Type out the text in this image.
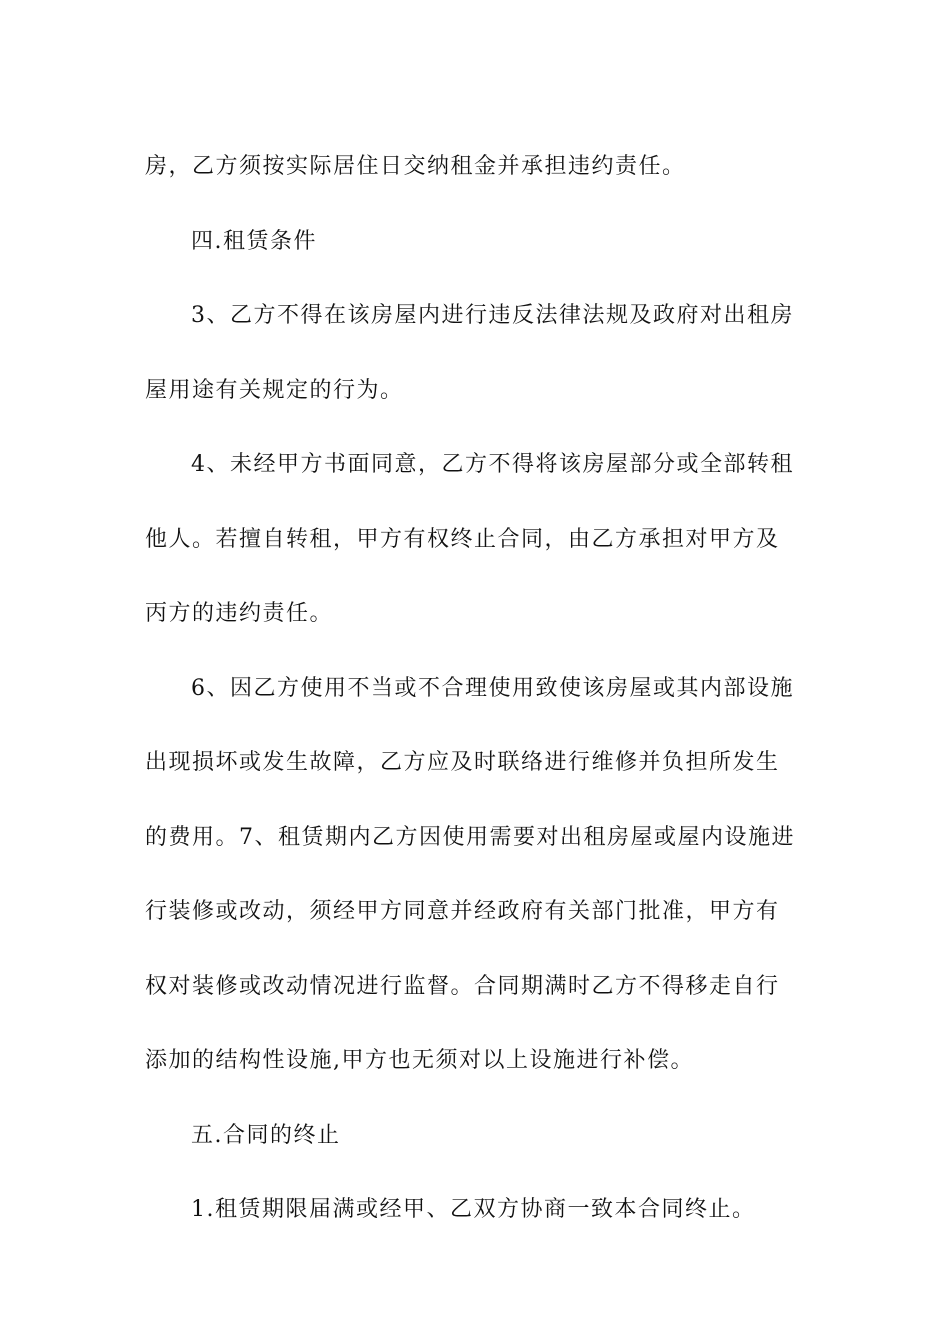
房，乙方须按实际居住日交纳租金并承担违约责任。

四.租赁条件

3、乙方不得在该房屋内进行违反法律法规及政府对出租房

屋用途有关规定的行为。

4、未经甲方书面同意，乙方不得将该房屋部分或全部转租

他人。若擅自转租，甲方有权终止合同，由乙方承担对甲方及

丙方的违约责任。

6、因乙方使用不当或不合理使用致使该房屋或其内部设施

出现损坏或发生故障，乙方应及时联络进行维修并负担所发生

的费用。7、租赁期内乙方因使用需要对出租房屋或屋内设施进

行装修或改动，须经甲方同意并经政府有关部门批准，甲方有

权对装修或改动情况进行监督。合同期满时乙方不得移走自行

添加的结构性设施,甲方也无须对以上设施进行补偿。

五.合同的终止

1.租赁期限届满或经甲、乙双方协商一致本合同终止。
